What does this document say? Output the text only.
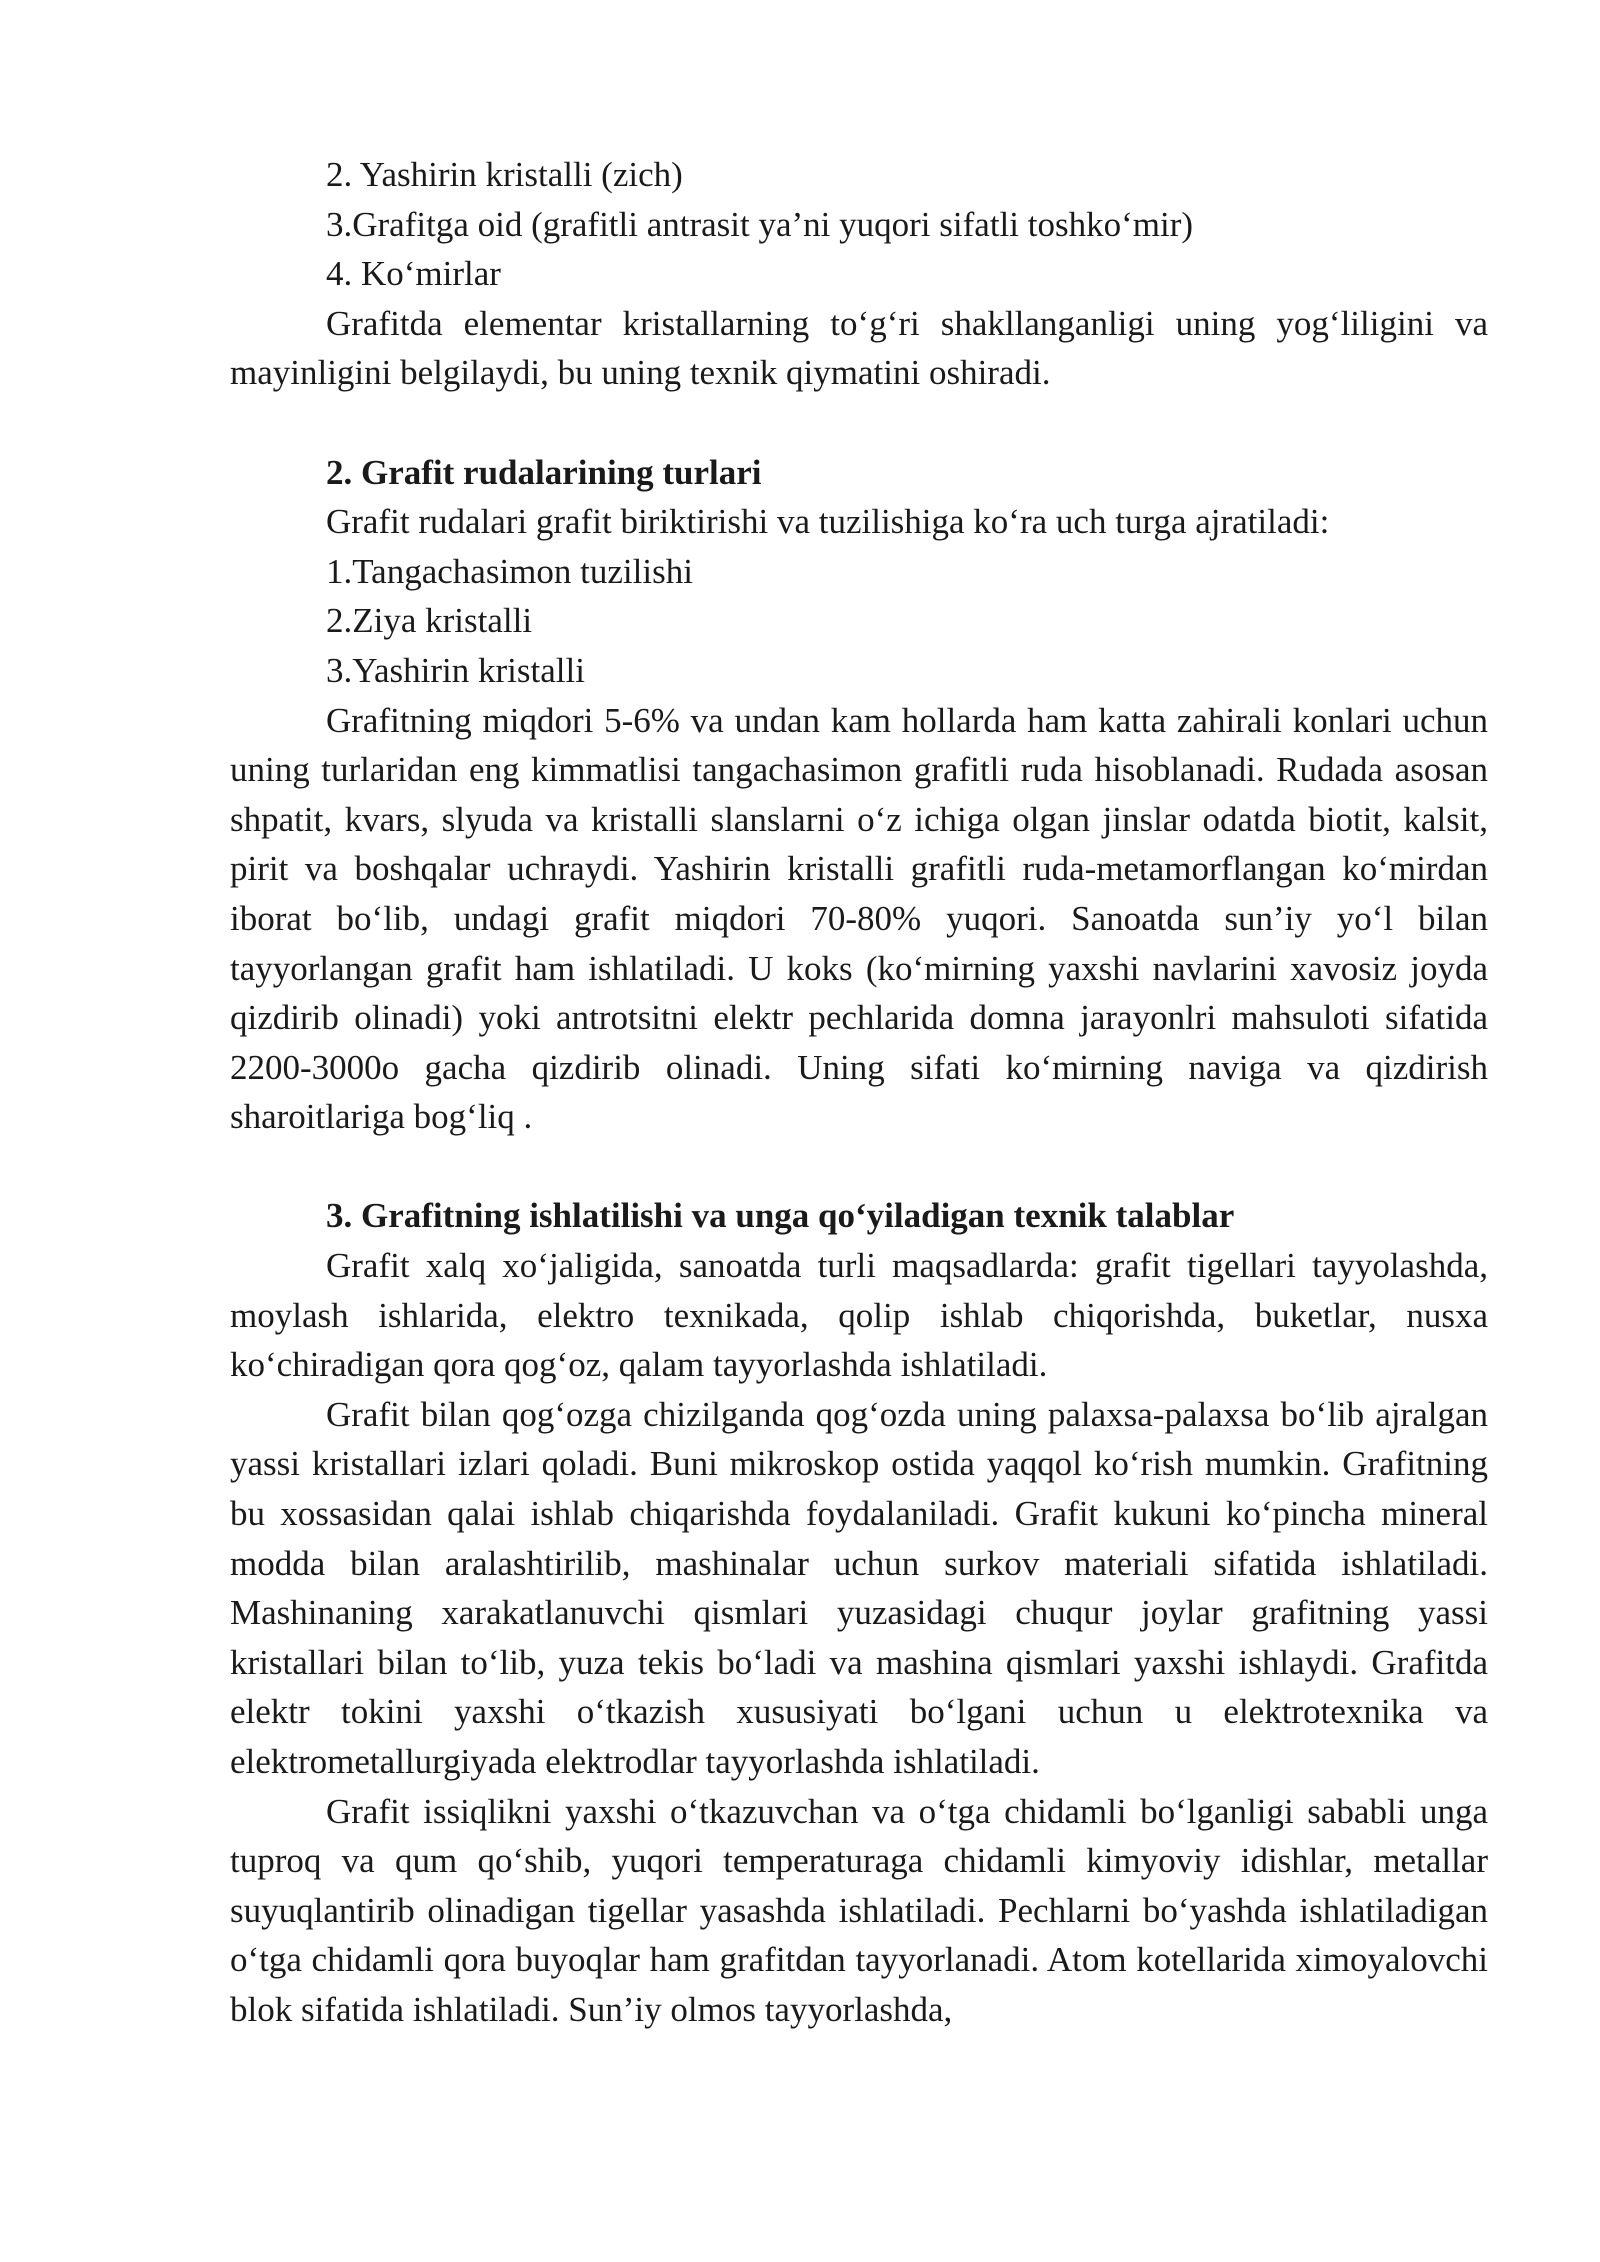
2. Yashirin kristalli (zich)
3.Grafitga oid (grafitli antrasit ya’ni yuqori sifatli toshko‘mir)
4. Ko‘mirlar

Grafitda elementar kristallarning to‘g‘ri shakllanganligi uning yog‘liligini va mayinligini belgilaydi, bu uning texnik qiymatini oshiradi.

2. Grafit rudalarining turlari
Grafit rudalari grafit biriktirishi va tuzilishiga ko‘ra uch turga ajratiladi:
1.Tangachasimon tuzilishi
2.Ziya kristalli
3.Yashirin kristalli

Grafitning miqdori 5-6% va undan kam hollarda ham katta zahirali konlari uchun uning turlaridan eng kimmatlisi tangachasimon grafitli ruda hisoblanadi. Rudada asosan shpatit, kvars, slyuda va kristalli slanslarni o‘z ichiga olgan jinslar odatda biotit, kalsit, pirit va boshqalar uchraydi. Yashirin kristalli grafitli ruda-metamorflangan ko‘mirdan iborat bo‘lib, undagi grafit miqdori 70-80% yuqori. Sanoatda sun’iy yo‘l bilan tayyorlangan grafit ham ishlatiladi. U koks (ko‘mirning yaxshi navlarini xavosiz joyda qizdirib olinadi) yoki antrotsitni elektr pechlarida domna jarayonlri mahsuloti sifatida 2200-3000o gacha qizdirib olinadi. Uning sifati ko‘mirning naviga va qizdirish sharoitlariga bog‘liq .

3. Grafitning ishlatilishi va unga qo‘yiladigan texnik talablar

Grafit xalq xo‘jaligida, sanoatda turli maqsadlarda: grafit tigellari tayyolashda, moylash ishlarida, elektro texnikada, qolip ishlab chiqorishda, buketlar, nusxa ko‘chiradigan qora qog‘oz, qalam tayyorlashda ishlatiladi.

Grafit bilan qog‘ozga chizilganda qog‘ozda uning palaxsa-palaxsa bo‘lib ajralgan yassi kristallari izlari qoladi. Buni mikroskop ostida yaqqol ko‘rish mumkin. Grafitning bu xossasidan qalai ishlab chiqarishda foydalaniladi. Grafit kukuni ko‘pincha mineral modda bilan aralashtirilib, mashinalar uchun surkov materiali sifatida ishlatiladi. Mashinaning xarakatlanuvchi qismlari yuzasidagi chuqur joylar grafitning yassi kristallari bilan to‘lib, yuza tekis bo‘ladi va mashina qismlari yaxshi ishlaydi. Grafitda elektr tokini yaxshi o‘tkazish xususiyati bo‘lgani uchun u elektrotexnika va elektrometallurgiyada elektrodlar tayyorlashda ishlatiladi.

Grafit issiqlikni yaxshi o‘tkazuvchan va o‘tga chidamli bo‘lganligi sababli unga tuproq va qum qo‘shib, yuqori temperaturaga chidamli kimyoviy idishlar, metallar suyuqlantirib olinadigan tigellar yasashda ishlatiladi. Pechlarni bo‘yashda ishlatiladigan o‘tga chidamli qora buyoqlar ham grafitdan tayyorlanadi. Atom kotellarida ximoyalovchi blok sifatida ishlatiladi. Sun’iy olmos tayyorlashda,
